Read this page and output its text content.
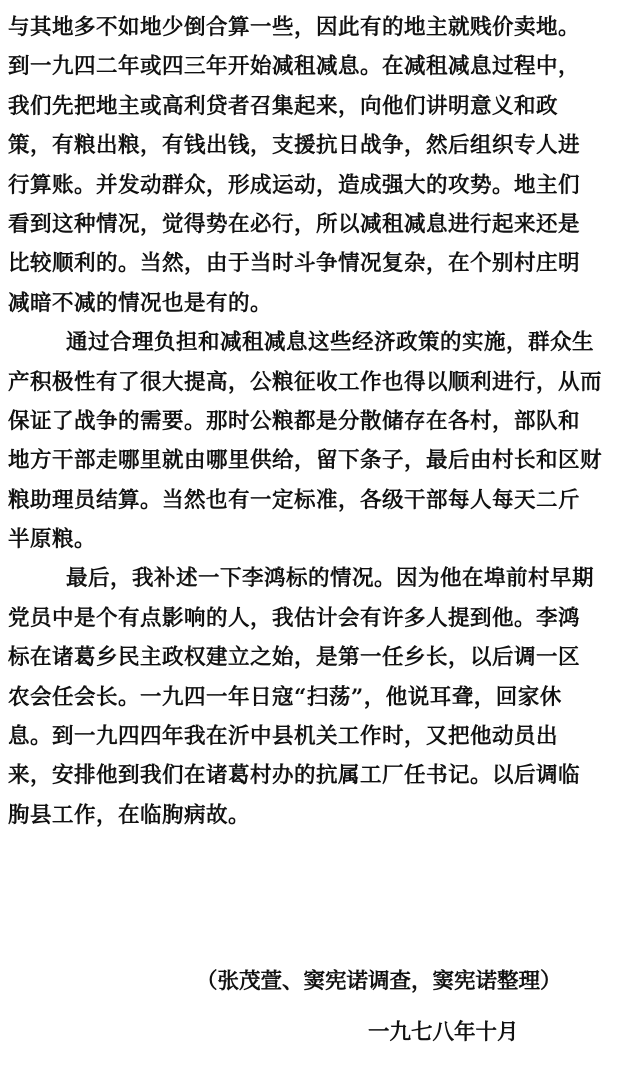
与其地多不如地少倒合算一些，因此有的地主就贱价卖地。
到一九四二年或四三年开始减租减息。在减租减息过程中，
我们先把地主或高利贷者召集起来，向他们讲明意义和政
策，有粮出粮，有钱出钱，支援抗日战争，然后组织专人进
行算账。并发动群众，形成运动，造成强大的攻势。地主们
看到这种情况，觉得势在必行，所以减租减息进行起来还是
比较顺利的。当然，由于当时斗争情况复杂，在个别村庄明
减暗不减的情况也是有的。
通过合理负担和减租减息这些经济政策的实施，群众生
产积极性有了很大提高，公粮征收工作也得以顺利进行，从而
保证了战争的需要。那时公粮都是分散储存在各村，部队和
地方干部走哪里就由哪里供给，留下条子，最后由村长和区财
粮助理员结算。当然也有一定标准，各级干部每人每天二斤
半原粮。
最后，我补述一下李鸿标的情况。因为他在埠前村早期
党员中是个有点影响的人，我估计会有许多人提到他。李鸿
标在诸葛乡民主政权建立之始，是第一任乡长，以后调一区
农会任会长。一九四一年日寇“扫荡”，他说耳聋，回家休
息。到一九四四年我在沂中县机关工作时，又把他动员出
来，安排他到我们在诸葛村办的抗属工厂任书记。以后调临
朐县工作，在临朐病故。
（张茂萱、窦宪诺调查，窦宪诺整理）
一九七八年十月
